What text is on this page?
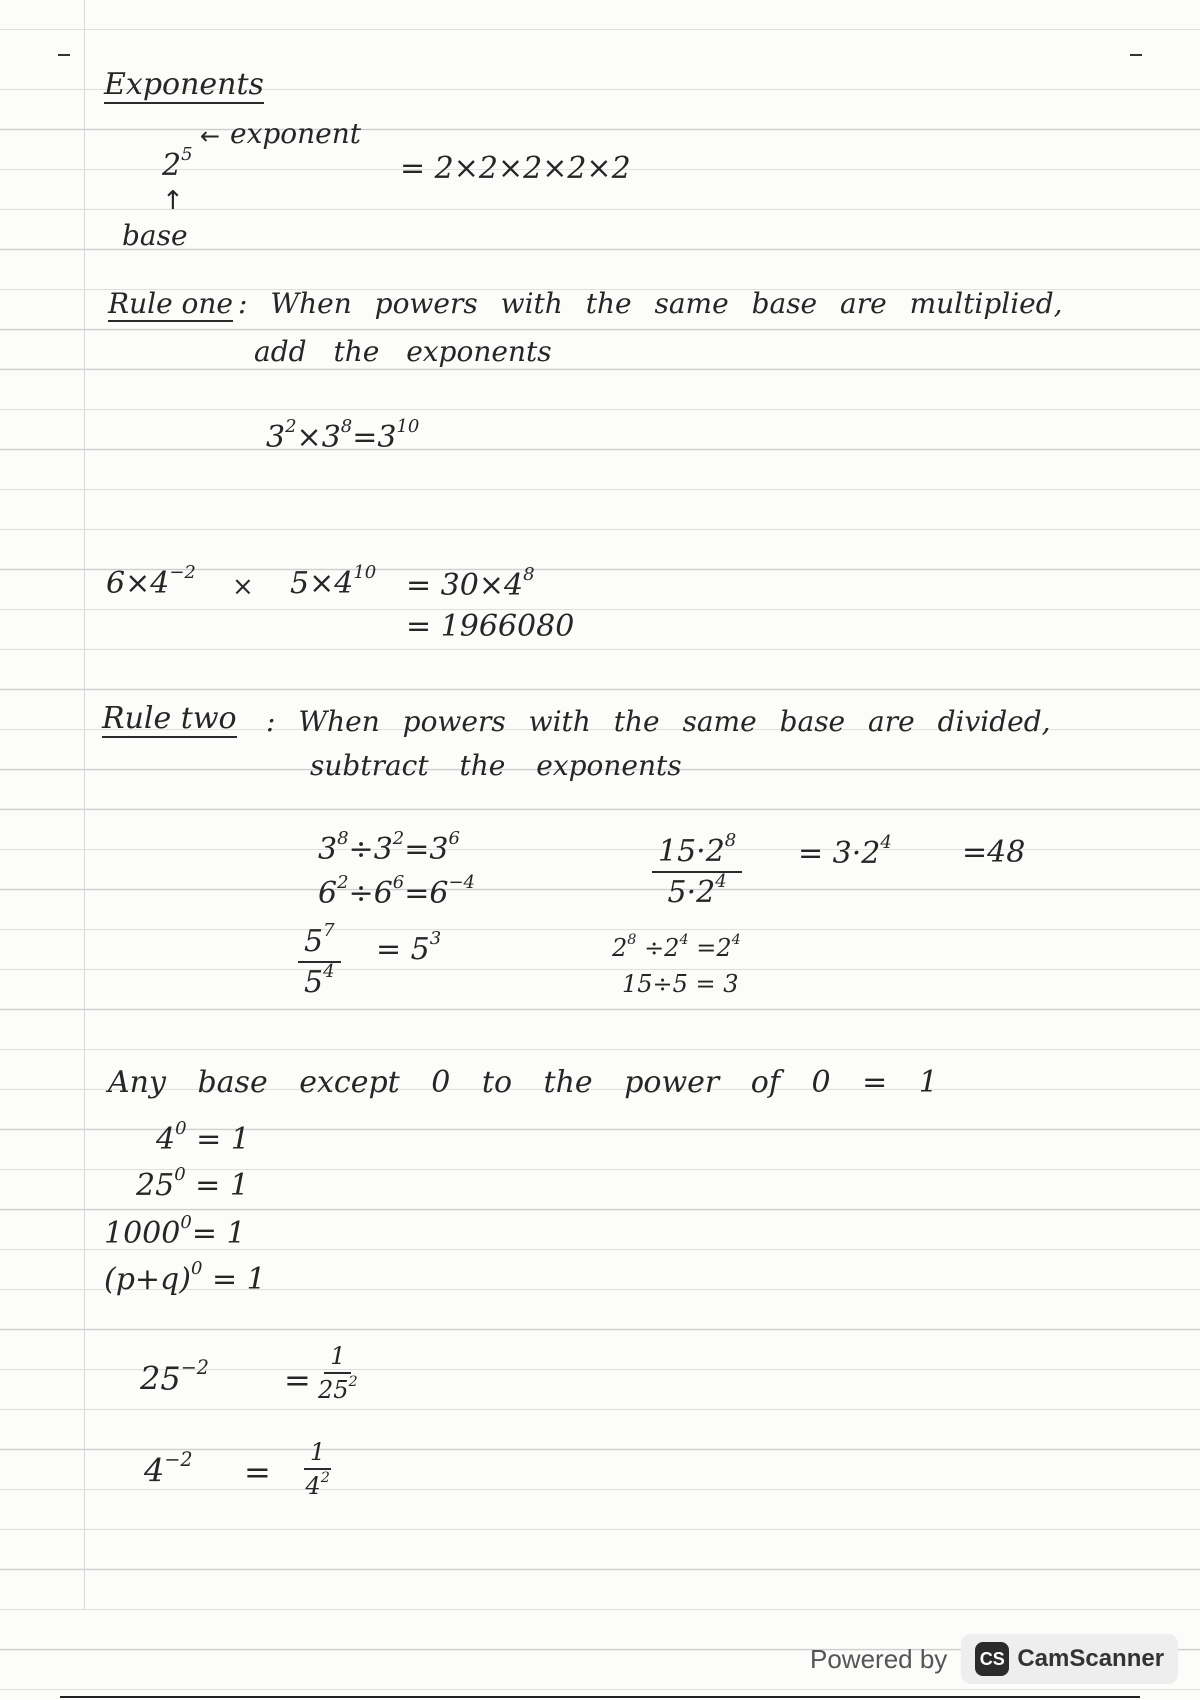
Exponents
$2^5$
← exponent
= 2×2×2×2×2
↑
base
Rule one : When powers with the same base are multiplied,
add the exponents
$3^2\times 3^8=3^{10}$
$6\times 4^{-2} \times 5\times 4^{10} = 30\times 4^8$
= 1966080
Rule two : When powers with the same base are divided,
subtract the exponents
$3^8\div 3^2=3^6$
$6^2\div 6^6=6^{-4}$
$\frac{5^7}{5^4} = 5^3$
$\frac{15\cdot 2^8}{5\cdot 2^4} = 3\cdot 2^4 =48$
$2^8 \div 2^4 =2^4$
15÷5 = 3
Any base except 0 to the power of 0 = 1
$4^0 = 1$
$25^0 = 1$
$1000^0= 1$
$(p+q)^0 = 1$
$25^{-2} = \frac{1}{25^2}$
$4^{-2} = \frac{1}{4^2}$
Powered by CS CamScanner
